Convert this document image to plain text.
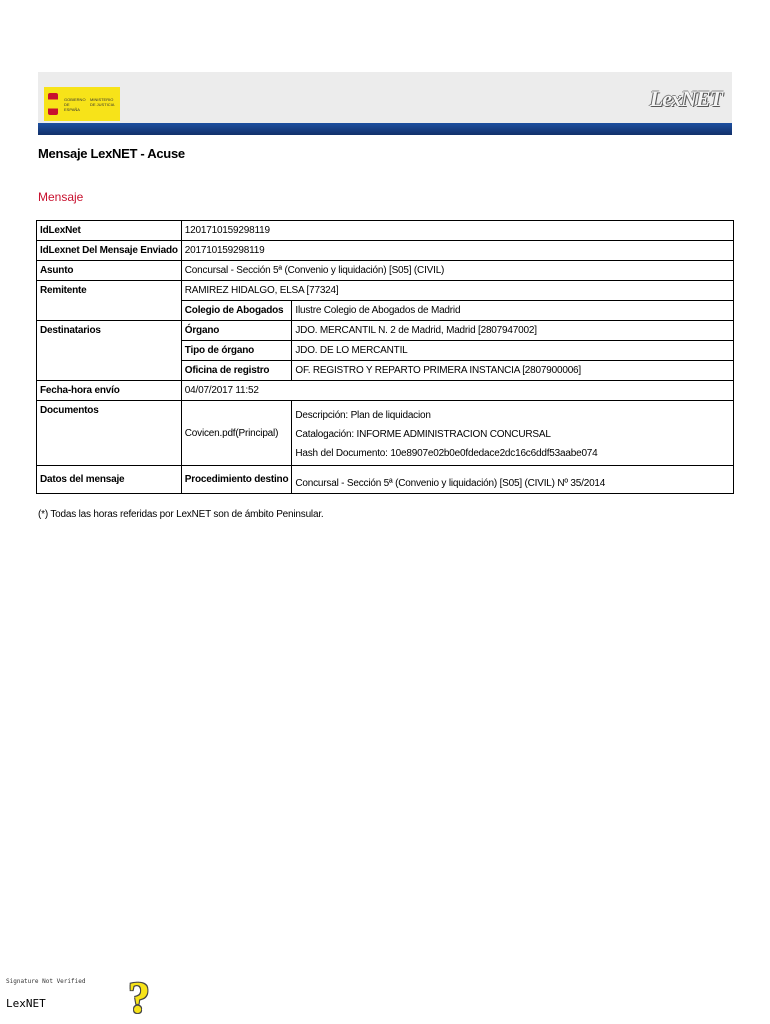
GOBIERNO DE ESPAÑA
MINISTERIO DE JUSTICIA	LexNET
Mensaje LexNET - Acuse
Mensaje
IdLexNet	1201710159298119	
IdLexnet Del Mensaje Enviado	201710159298119	
Asunto	Concursal - Sección 5ª (Convenio y liquidación) [S05] (CIVIL)	
Remitente	RAMIREZ HIDALGO, ELSA [77324]	
	Colegio de Abogados	Ilustre Colegio de Abogados de Madrid
Destinatarios	Órgano	JDO. MERCANTIL N. 2 de Madrid, Madrid [2807947002]
	Tipo de órgano	JDO. DE LO MERCANTIL
	Oficina de registro	OF. REGISTRO Y REPARTO PRIMERA INSTANCIA [2807900006]
Fecha-hora envío	04/07/2017 11:52	
Documentos	Covicen.pdf(Principal)	Descripción: Plan de liquidacion
Catalogación: INFORME ADMINISTRACION CONCURSAL
Hash del Documento: 10e8907e02b0e0fdedace2dc16c6ddf53aabe074

Datos del mensaje	Procedimiento destino	Concursal - Sección 5ª (Convenio y liquidación) [S05] (CIVIL) Nº 35/2014
(*) Todas las horas referidas por LexNET son de ámbito Peninsular.
Signature Not Verified
LexNET ?
